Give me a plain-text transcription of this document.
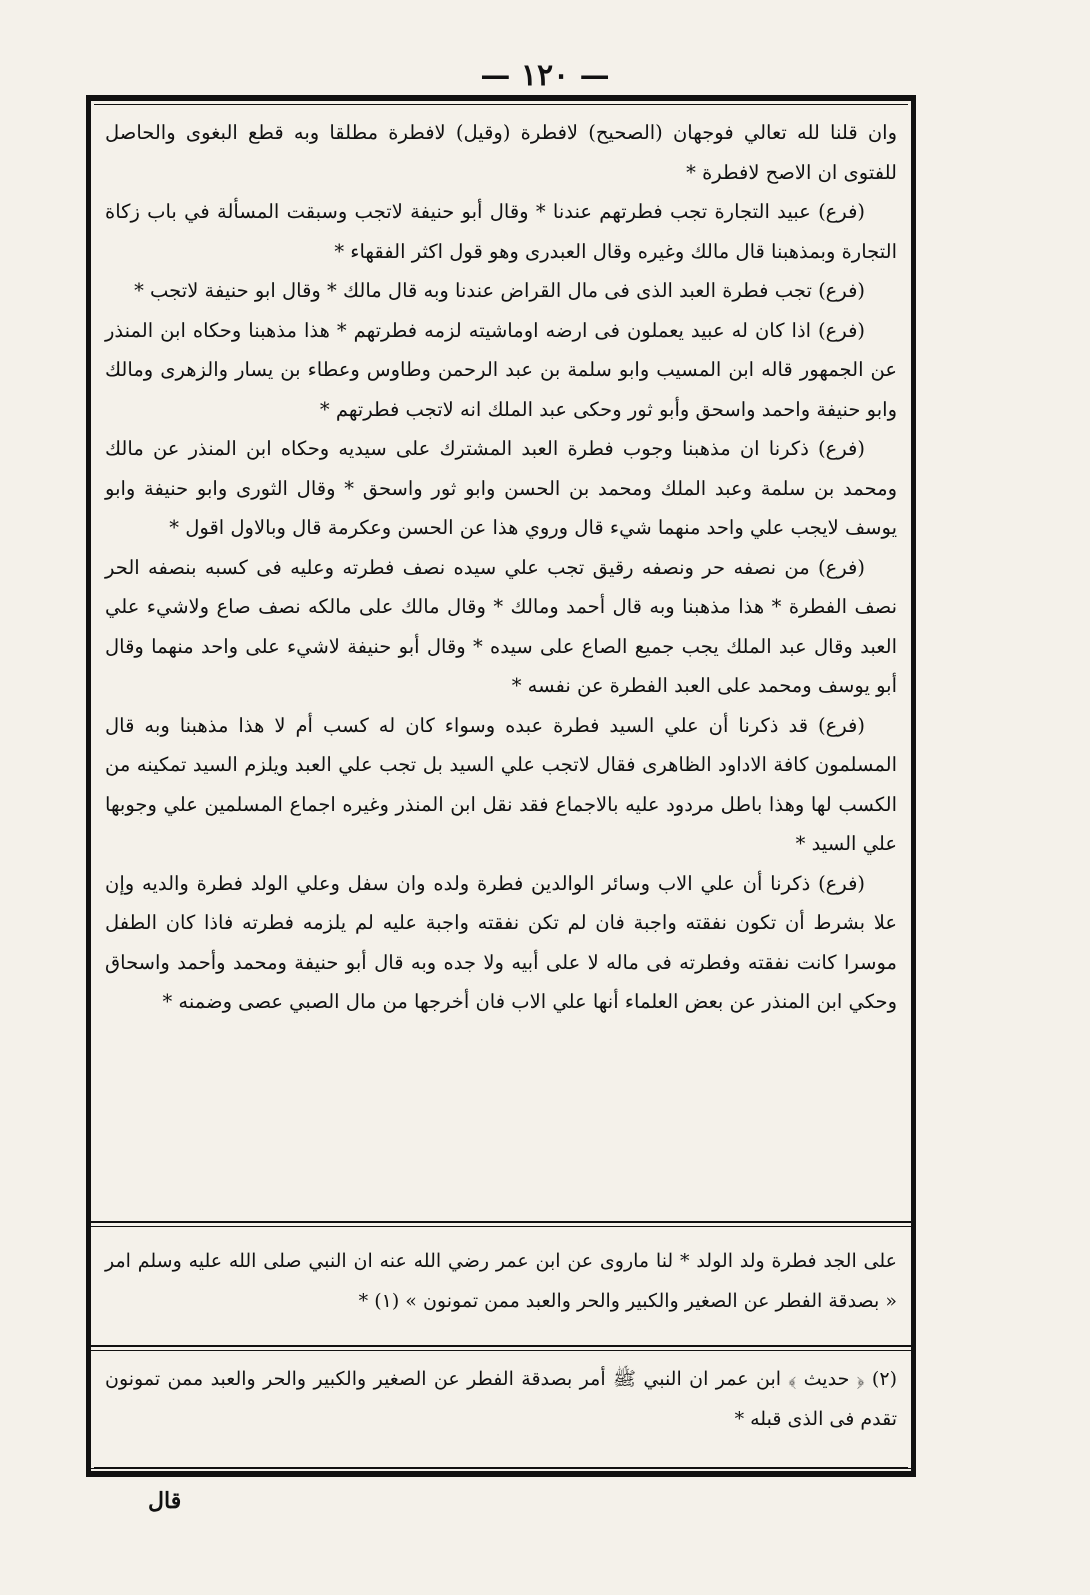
— ١٢٠ —

وان قلنا لله تعالي فوجهان (الصحيح) لافطرة (وقيل) لافطرة مطلقا وبه قطع البغوى والحاصل للفتوى ان الاصح لافطرة *

(فرع) عبيد التجارة تجب فطرتهم عندنا * وقال أبو حنيفة لاتجب وسبقت المسألة في باب زكاة التجارة وبمذهبنا قال مالك وغيره وقال العبدرى وهو قول اكثر الفقهاء *

(فرع) تجب فطرة العبد الذى فى مال القراض عندنا وبه قال مالك * وقال ابو حنيفة لاتجب *

(فرع) اذا كان له عبيد يعملون فى ارضه اوماشيته لزمه فطرتهم * هذا مذهبنا وحكاه ابن المنذر عن الجمهور قاله ابن المسيب وابو سلمة بن عبد الرحمن وطاوس وعطاء بن يسار والزهرى ومالك وابو حنيفة واحمد واسحق وأبو ثور وحكى عبد الملك انه لاتجب فطرتهم *

(فرع) ذكرنا ان مذهبنا وجوب فطرة العبد المشترك على سيديه وحكاه ابن المنذر عن مالك ومحمد بن سلمة وعبد الملك ومحمد بن الحسن وابو ثور واسحق * وقال الثورى وابو حنيفة وابو يوسف لايجب علي واحد منهما شيء قال وروي هذا عن الحسن وعكرمة قال وبالاول اقول *

(فرع) من نصفه حر ونصفه رقيق تجب علي سيده نصف فطرته وعليه فى كسبه بنصفه الحر نصف الفطرة * هذا مذهبنا وبه قال أحمد ومالك * وقال مالك على مالكه نصف صاع ولاشيء علي العبد وقال عبد الملك يجب جميع الصاع على سيده * وقال أبو حنيفة لاشيء على واحد منهما وقال أبو يوسف ومحمد على العبد الفطرة عن نفسه *

(فرع) قد ذكرنا أن علي السيد فطرة عبده وسواء كان له كسب أم لا هذا مذهبنا وبه قال المسلمون كافة الاداود الظاهرى فقال لاتجب علي السيد بل تجب علي العبد ويلزم السيد تمكينه من الكسب لها وهذا باطل مردود عليه بالاجماع فقد نقل ابن المنذر وغيره اجماع المسلمين علي وجوبها علي السيد *

(فرع) ذكرنا أن علي الاب وسائر الوالدين فطرة ولده وان سفل وعلي الولد فطرة والديه وإن علا بشرط أن تكون نفقته واجبة فان لم تكن نفقته واجبة عليه لم يلزمه فطرته فاذا كان الطفل موسرا كانت نفقته وفطرته فى ماله لا على أبيه ولا جده وبه قال أبو حنيفة ومحمد وأحمد واسحاق وحكي ابن المنذر عن بعض العلماء أنها علي الاب فان أخرجها من مال الصبي عصى وضمنه *

على الجد فطرة ولد الولد * لنا ماروى عن ابن عمر رضي الله عنه ان النبي صلى الله عليه وسلم امر « بصدقة الفطر عن الصغير والكبير والحر والعبد ممن تمونون » (١) *

(٢) ﴿ حديث ﴾ ابن عمر ان النبي ﷺ أمر بصدقة الفطر عن الصغير والكبير والحر والعبد ممن تمونون تقدم فى الذى قبله *

قال
